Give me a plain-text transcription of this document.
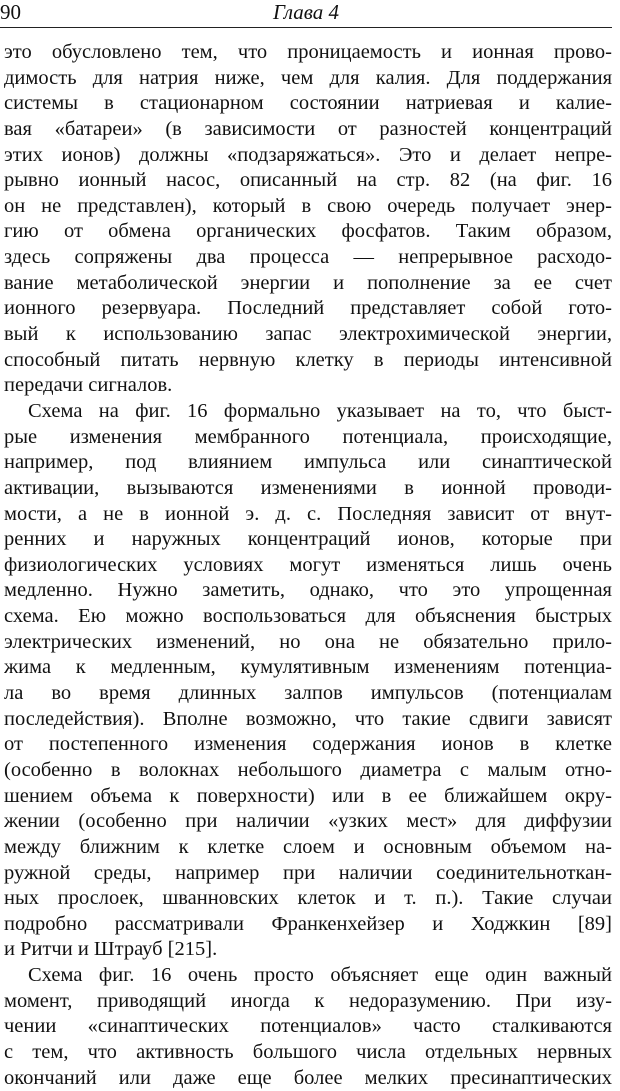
90	Глава 4
это обусловлено тем, что проницаемость и ионная прово-
димость для натрия ниже, чем для калия. Для поддержания
системы в стационарном состоянии натриевая и калие-
вая «батареи» (в зависимости от разностей концентраций
этих ионов) должны «подзаряжаться». Это и делает непре-
рывно ионный насос, описанный на стр. 82 (на фиг. 16
он не представлен), который в свою очередь получает энер-
гию от обмена органических фосфатов. Таким образом,
здесь сопряжены два процесса — непрерывное расходо-
вание метаболической энергии и пополнение за ее счет
ионного резервуара. Последний представляет собой гото-
вый к использованию запас электрохимической энергии,
способный питать нервную клетку в периоды интенсивной
передачи сигналов.
Схема на фиг. 16 формально указывает на то, что быст-
рые изменения мембранного потенциала, происходящие,
например, под влиянием импульса или синаптической
активации, вызываются изменениями в ионной проводи-
мости, а не в ионной э. д. с. Последняя зависит от внут-
ренних и наружных концентраций ионов, которые при
физиологических условиях могут изменяться лишь очень
медленно. Нужно заметить, однако, что это упрощенная
схема. Ею можно воспользоваться для объяснения быстрых
электрических изменений, но она не обязательно прило-
жима к медленным, кумулятивным изменениям потенциа-
ла во время длинных залпов импульсов (потенциалам
последействия). Вполне возможно, что такие сдвиги зависят
от постепенного изменения содержания ионов в клетке
(особенно в волокнах небольшого диаметра с малым отно-
шением объема к поверхности) или в ее ближайшем окру-
жении (особенно при наличии «узких мест» для диффузии
между ближним к клетке слоем и основным объемом на-
ружной среды, например при наличии соединительноткан-
ных прослоек, шванновских клеток и т. п.). Такие случаи
подробно рассматривали Франкенхейзер и Ходжкин [89]
и Ритчи и Штрауб [215].
Схема фиг. 16 очень просто объясняет еще один важный
момент, приводящий иногда к недоразумению. При изу-
чении «синаптических потенциалов» часто сталкиваются
с тем, что активность большого числа отдельных нервных
окончаний или даже еще более мелких пресинаптических
